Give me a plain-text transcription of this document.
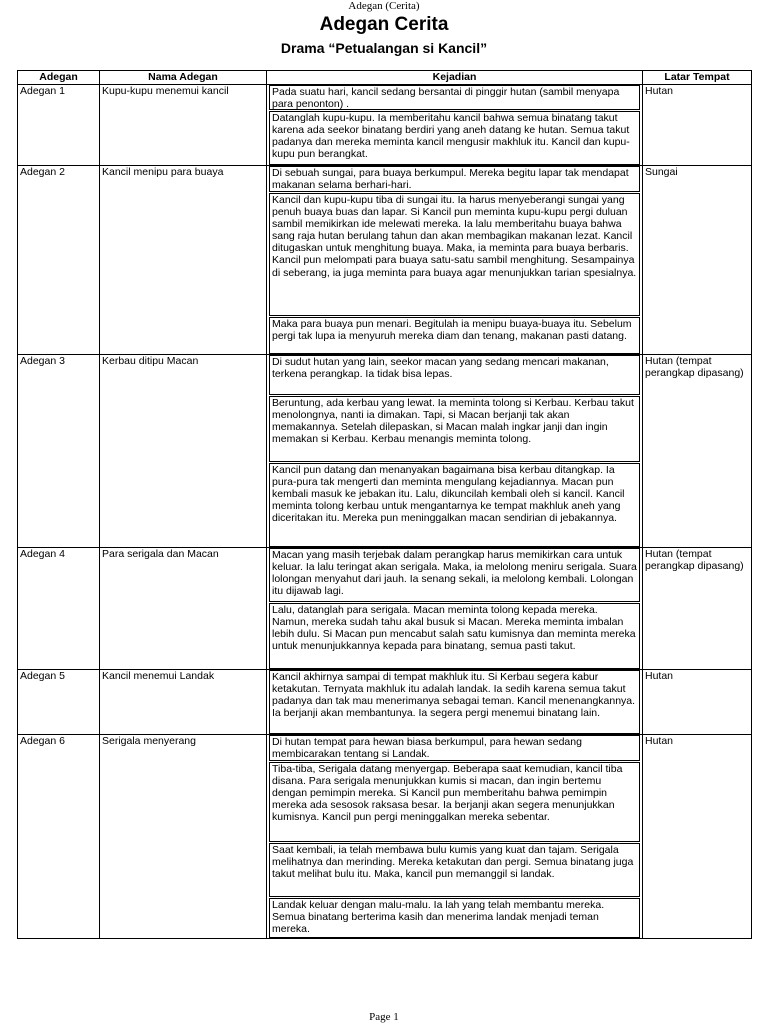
Adegan (Cerita)
Adegan Cerita
Drama “Petualangan si Kancil”
Adegan	Nama Adegan	Kejadian	Latar Tempat
Adegan 1	Kupu-kupu menemui kancil	Pada suatu hari, kancil sedang bersantai di pinggir hutan (sambil menyapa para penonton) .
Datanglah kupu-kupu. Ia memberitahu kancil bahwa semua binatang takut karena ada seekor binatang berdiri yang aneh datang ke hutan. Semua takut padanya dan mereka meminta kancil mengusir makhluk itu. Kancil dan kupu-kupu pun berangkat.	Hutan
Adegan 2	Kancil menipu para buaya	Di sebuah sungai, para buaya berkumpul. Mereka begitu lapar tak mendapat makanan selama berhari-hari.
Kancil dan kupu-kupu tiba di sungai itu. Ia harus menyeberangi sungai yang penuh buaya buas dan lapar. Si Kancil pun meminta kupu-kupu pergi duluan sambil memikirkan ide melewati mereka. Ia lalu memberitahu buaya bahwa sang raja hutan berulang tahun dan akan membagikan makanan lezat. Kancil ditugaskan untuk menghitung buaya. Maka, ia meminta para buaya berbaris. Kancil pun melompati para buaya satu-satu sambil menghitung. Sesampainya di seberang, ia juga meminta para buaya agar menunjukkan tarian spesialnya.
Maka para buaya pun menari. Begitulah ia menipu buaya-buaya itu. Sebelum pergi tak lupa ia menyuruh mereka diam dan tenang, makanan pasti datang.	Sungai
Adegan 3	Kerbau ditipu Macan	Di sudut hutan yang lain, seekor macan yang sedang mencari makanan, terkena perangkap. Ia tidak bisa lepas.
Beruntung, ada kerbau yang lewat. Ia meminta tolong si Kerbau. Kerbau takut menolongnya, nanti ia dimakan. Tapi, si Macan berjanji tak akan memakannya. Setelah dilepaskan, si Macan malah ingkar janji dan ingin memakan si Kerbau. Kerbau menangis meminta tolong.
Kancil pun datang dan menanyakan bagaimana bisa kerbau ditangkap. Ia pura-pura tak mengerti dan meminta mengulang kejadiannya. Macan pun kembali masuk ke jebakan itu. Lalu, dikuncilah kembali oleh si kancil. Kancil meminta tolong kerbau untuk mengantarnya ke tempat makhluk aneh yang diceritakan itu. Mereka pun meninggalkan macan sendirian di jebakannya.	Hutan (tempat perangkap dipasang)
Adegan 4	Para serigala dan Macan	Macan yang masih terjebak dalam perangkap harus memikirkan cara untuk keluar. Ia lalu teringat akan serigala. Maka, ia melolong meniru serigala. Suara lolongan menyahut dari jauh. Ia senang sekali, ia melolong kembali. Lolongan itu dijawab lagi.
Lalu, datanglah para serigala. Macan meminta tolong kepada mereka. Namun, mereka sudah tahu akal busuk si Macan. Mereka meminta imbalan lebih dulu. Si Macan pun mencabut salah satu kumisnya dan meminta mereka untuk menunjukkannya kepada para binatang, semua pasti takut.	Hutan (tempat perangkap dipasang)
Adegan 5	Kancil menemui Landak	Kancil akhirnya sampai di tempat makhluk itu. Si Kerbau segera kabur ketakutan. Ternyata makhluk itu adalah landak. Ia sedih karena semua takut padanya dan tak mau menerimanya sebagai teman. Kancil menenangkannya. Ia berjanji akan membantunya. Ia segera pergi menemui binatang lain.	Hutan
Adegan 6	Serigala menyerang	Di hutan tempat para hewan biasa berkumpul, para hewan sedang membicarakan tentang si Landak.
Tiba-tiba, Serigala datang menyergap. Beberapa saat kemudian, kancil tiba disana. Para serigala menunjukkan kumis si macan, dan ingin bertemu dengan pemimpin mereka. Si Kancil pun memberitahu bahwa pemimpin mereka ada sesosok raksasa besar. Ia berjanji akan segera menunjukkan kumisnya. Kancil pun pergi meninggalkan mereka sebentar.
Saat kembali, ia telah membawa bulu kumis yang kuat dan tajam. Serigala melihatnya dan merinding. Mereka ketakutan dan pergi. Semua binatang juga takut melihat bulu itu. Maka, kancil pun memanggil si landak.
Landak keluar dengan malu-malu. Ia lah yang telah membantu mereka. Semua binatang berterima kasih dan menerima landak menjadi teman mereka.	Hutan
Page 1
